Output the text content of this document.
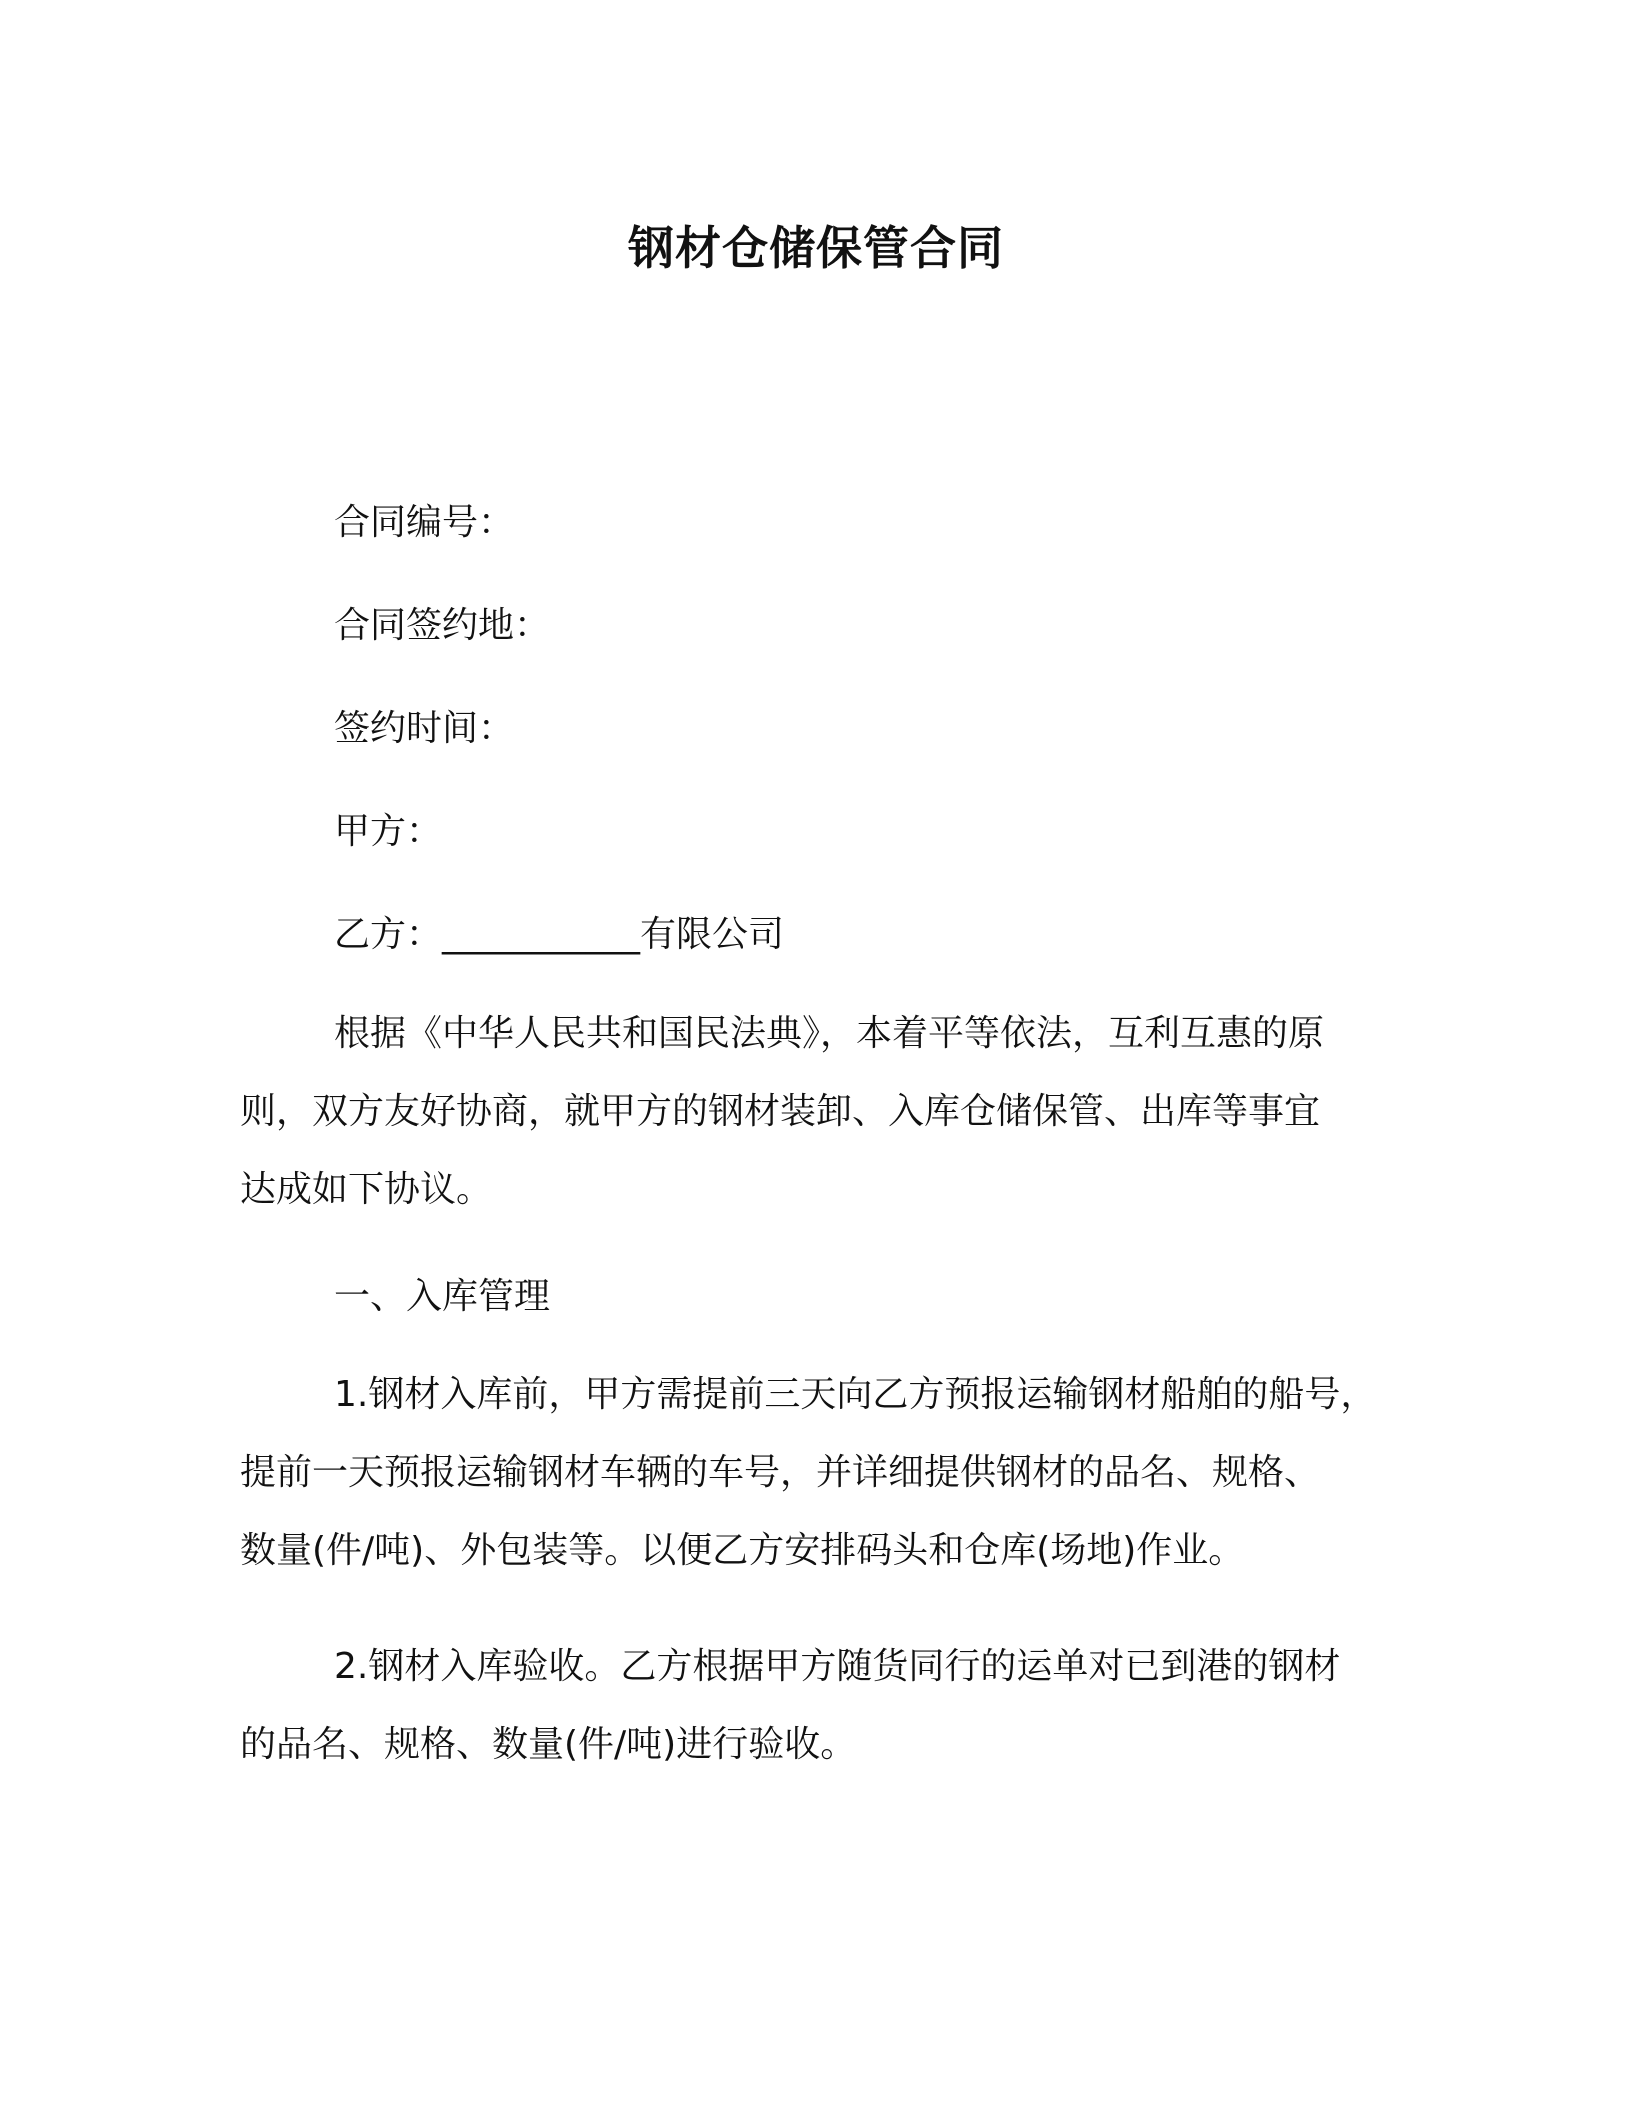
钢材仓储保管合同
合同编号：
合同签约地：
签约时间：
甲方：
乙方：___________有限公司
根据《中华人民共和国民法典》，本着平等依法，互利互惠的原
则，双方友好协商，就甲方的钢材装卸、入库仓储保管、出库等事宜
达成如下协议。
一、入库管理
1.钢材入库前，甲方需提前三天向乙方预报运输钢材船舶的船号，
提前一天预报运输钢材车辆的车号，并详细提供钢材的品名、规格、
数量(件/吨)、外包装等。以便乙方安排码头和仓库(场地)作业。
2.钢材入库验收。乙方根据甲方随货同行的运单对已到港的钢材
的品名、规格、数量(件/吨)进行验收。
